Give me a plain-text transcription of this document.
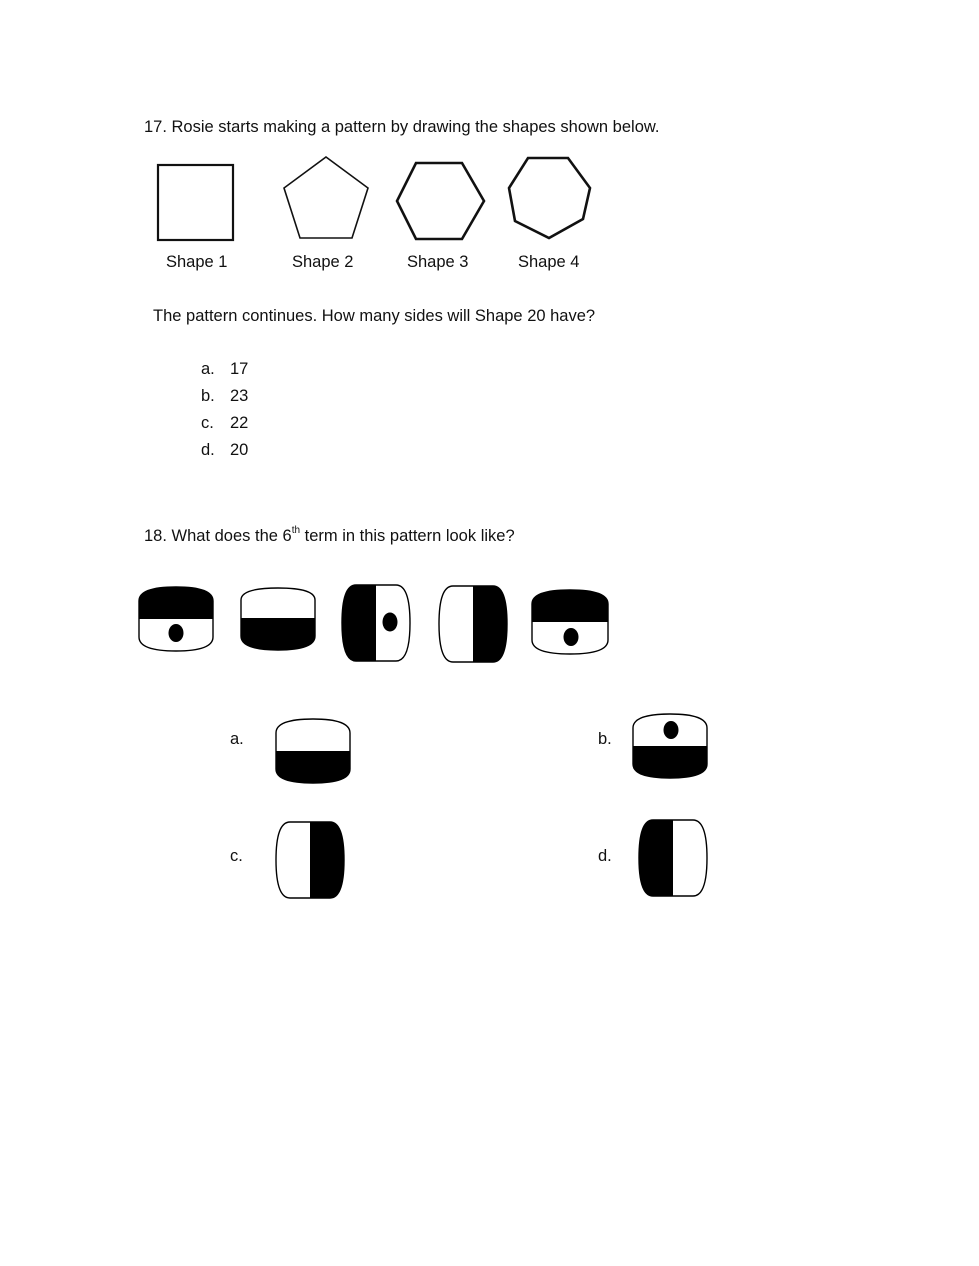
17. Rosie starts making a pattern by drawing the shapes shown below.
Shape 1	Shape 2	Shape 3	Shape 4
The pattern continues. How many sides will Shape 20 have?
a. 17
b. 23
c. 22
d. 20
18. What does the 6th term in this pattern look like?
a.	b.
c.	d.
